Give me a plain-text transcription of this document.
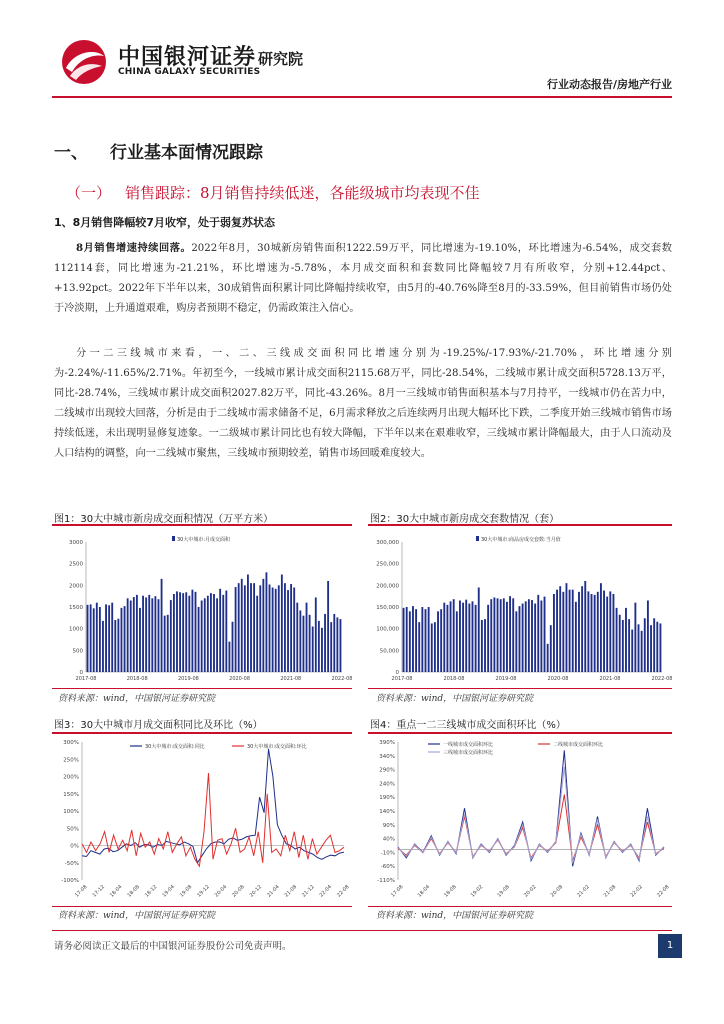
中国银河证券
CHINA GALAXY SECURITIES
研究院
行业动态报告/房地产行业
一、 行业基本面情况跟踪
（一） 销售跟踪：8月销售持续低迷，各能级城市均表现不佳
1、8月销售降幅较7月收窄，处于弱复苏状态

8月销售增速持续回落。2022年8月，30城新房销售面积1222.59万平，同比增速为-19.10%，环比增速为-6.54%，成交套数112114套，同比增速为-21.21%，环比增速为-5.78%，本月成交面积和套数同比降幅较7月有所收窄，分别+12.44pct、+13.92pct。2022年下半年以来，30成销售面积累计同比降幅持续收窄，由5月的-40.76%降至8月的-33.59%，但目前销售市场仍处于冷淡期，上升通道艰难，购房者预期不稳定，仍需政策注入信心。

分一二三线城市来看，一、二、三线成交面积同比增速分别为-19.25%/-17.93%/-21.70%，环比增速分别为-2.24%/-11.65%/2.71%。年初至今，一线城市累计成交面积2115.68万平，同比-28.54%，二线城市累计成交面积5728.13万平，同比-28.74%，三线城市累计成交面积2027.82万平，同比-43.26%。8月一三线城市销售面积基本与7月持平，一线城市仍在苦力中，二线城市出现较大回落，分析是由于二线城市需求储备不足，6月需求释放之后连续两月出现大幅环比下跌，二季度开始三线城市销售市场持续低迷，未出现明显修复迹象。一二级城市累计同比也有较大降幅，下半年以来在艰难收窄，三线城市累计降幅最大，由于人口流动及人口结构的调整，向一二线城市聚焦，三线城市预期较差，销售市场回暖难度较大。

图1：30大中城市新房成交面积情况（万平方米）
0
500
1000
1500
2000
2500
3000
2017-08	2018-08	2019-08	2020-08	2021-08	2022-08
30大中城市:月成交面积
资料来源：wind，中国银河证券研究院
图2：30大中城市新房成交套数情况（套）
0
50,000
100,000
150,000
200,000
250,000
300,000
2017-08	2018-08	2019-08	2020-08	2021-08	2022-08
30大中城市:商品房成交套数:当月值
资料来源：wind，中国银河证券研究院
图3：30大中城市月成交面积同比及环比（%）
-100%
-50%
0%
50%
100%
150%
200%
250%
300%
17-08 17-12 18-04 18-08 18-12 19-04 19-08 19-12 20-04 20-08 20-12 21-04 21-08 21-12 22-04 22-08
30大中城市:成交面积:同比	30大中城市:成交面积:环比
资料来源：wind，中国银河证券研究院
图4：重点一二三线城市成交面积环比（%）
-110%
-60%
-10%
40%
90%
140%
190%
240%
290%
340%
390%
17-08 18-04 18-08 19-02 19-08 20-02 20-08 21-02 21-08 22-02 22-08
一线城市成交面积环比	二线城市成交面积环比
三线城市成交面积环比
资料来源：wind，中国银河证券研究院
请务必阅读正文最后的中国银河证券股份公司免责声明。	1
